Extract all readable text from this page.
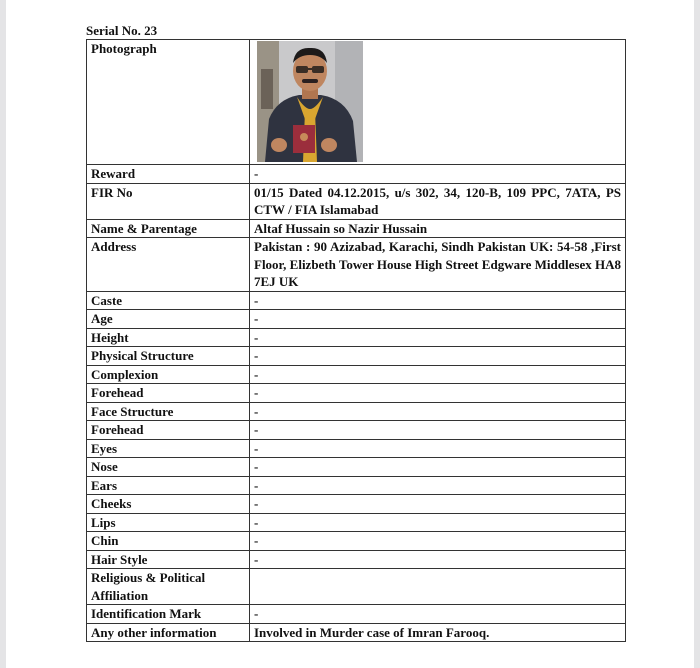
Serial No. 23
Photograph	

Reward	-
FIR No	01/15 Dated 04.12.2015, u/s 302, 34, 120-B, 109 PPC, 7ATA, PS CTW / FIA Islamabad
Name & Parentage	Altaf Hussain so Nazir Hussain
Address	Pakistan : 90 Azizabad, Karachi, Sindh Pakistan UK: 54-58 ,First Floor, Elizbeth Tower House High Street Edgware Middlesex HA8 7EJ UK
Caste	-
Age	-
Height	-
Physical Structure	-
Complexion	-
Forehead	-
Face Structure	-
Forehead	-
Eyes	-
Nose	-
Ears	-
Cheeks	-
Lips	-
Chin	-
Hair Style	-
Religious & Political Affiliation	
Identification Mark	-
Any other information	Involved in Murder case of Imran Farooq.
